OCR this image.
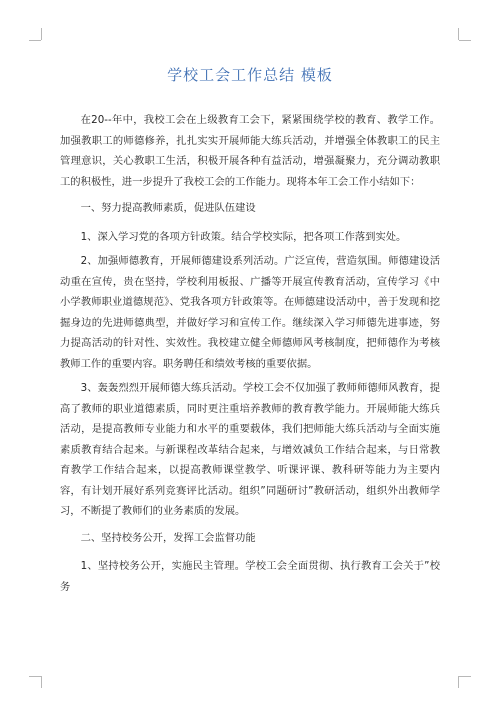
学校工会工作总结 模板

在20--年中，我校工会在上级教育工会下，紧紧围绕学校的教育、教学工作。加强教职工的师德修养，扎扎实实开展师能大练兵活动，并增强全体教职工的民主管理意识，关心教职工生活，积极开展各种有益活动，增强凝聚力，充分调动教职工的积极性，进一步提升了我校工会的工作能力。现将本年工会工作小结如下：

一、努力提高教师素质，促进队伍建设

1、深入学习党的各项方针政策。结合学校实际，把各项工作落到实处。

2、加强师德教育，开展师德建设系列活动。广泛宣传，营造氛围。师德建设活动重在宣传，贵在坚持，学校利用板报、广播等开展宣传教育活动，宣传学习《中小学教师职业道德规范》、党我各项方针政策等。在师德建设活动中，善于发现和挖掘身边的先进师德典型，并做好学习和宣传工作。继续深入学习师德先进事迹，努力提高活动的针对性、实效性。我校建立健全师德师风考核制度，把师德作为考核教师工作的重要内容。职务聘任和绩效考核的重要依据。

3、轰轰烈烈开展师德大练兵活动。学校工会不仅加强了教师师德师风教育，提高了教师的职业道德素质，同时更注重培养教师的教育教学能力。开展师能大练兵活动，是提高教师专业能力和水平的重要载体，我们把师能大练兵活动与全面实施素质教育结合起来。与新课程改革结合起来，与增效减负工作结合起来，与日常教育教学工作结合起来，以提高教师课堂教学、听课评课、教科研等能力为主要内容，有计划开展好系列竞赛评比活动。组织”同题研讨”教研活动，组织外出教师学习，不断提了教师们的业务素质的发展。

二、坚持校务公开，发挥工会监督功能

1、坚持校务公开，实施民主管理。学校工会全面贯彻、执行教育工会关于”校务
